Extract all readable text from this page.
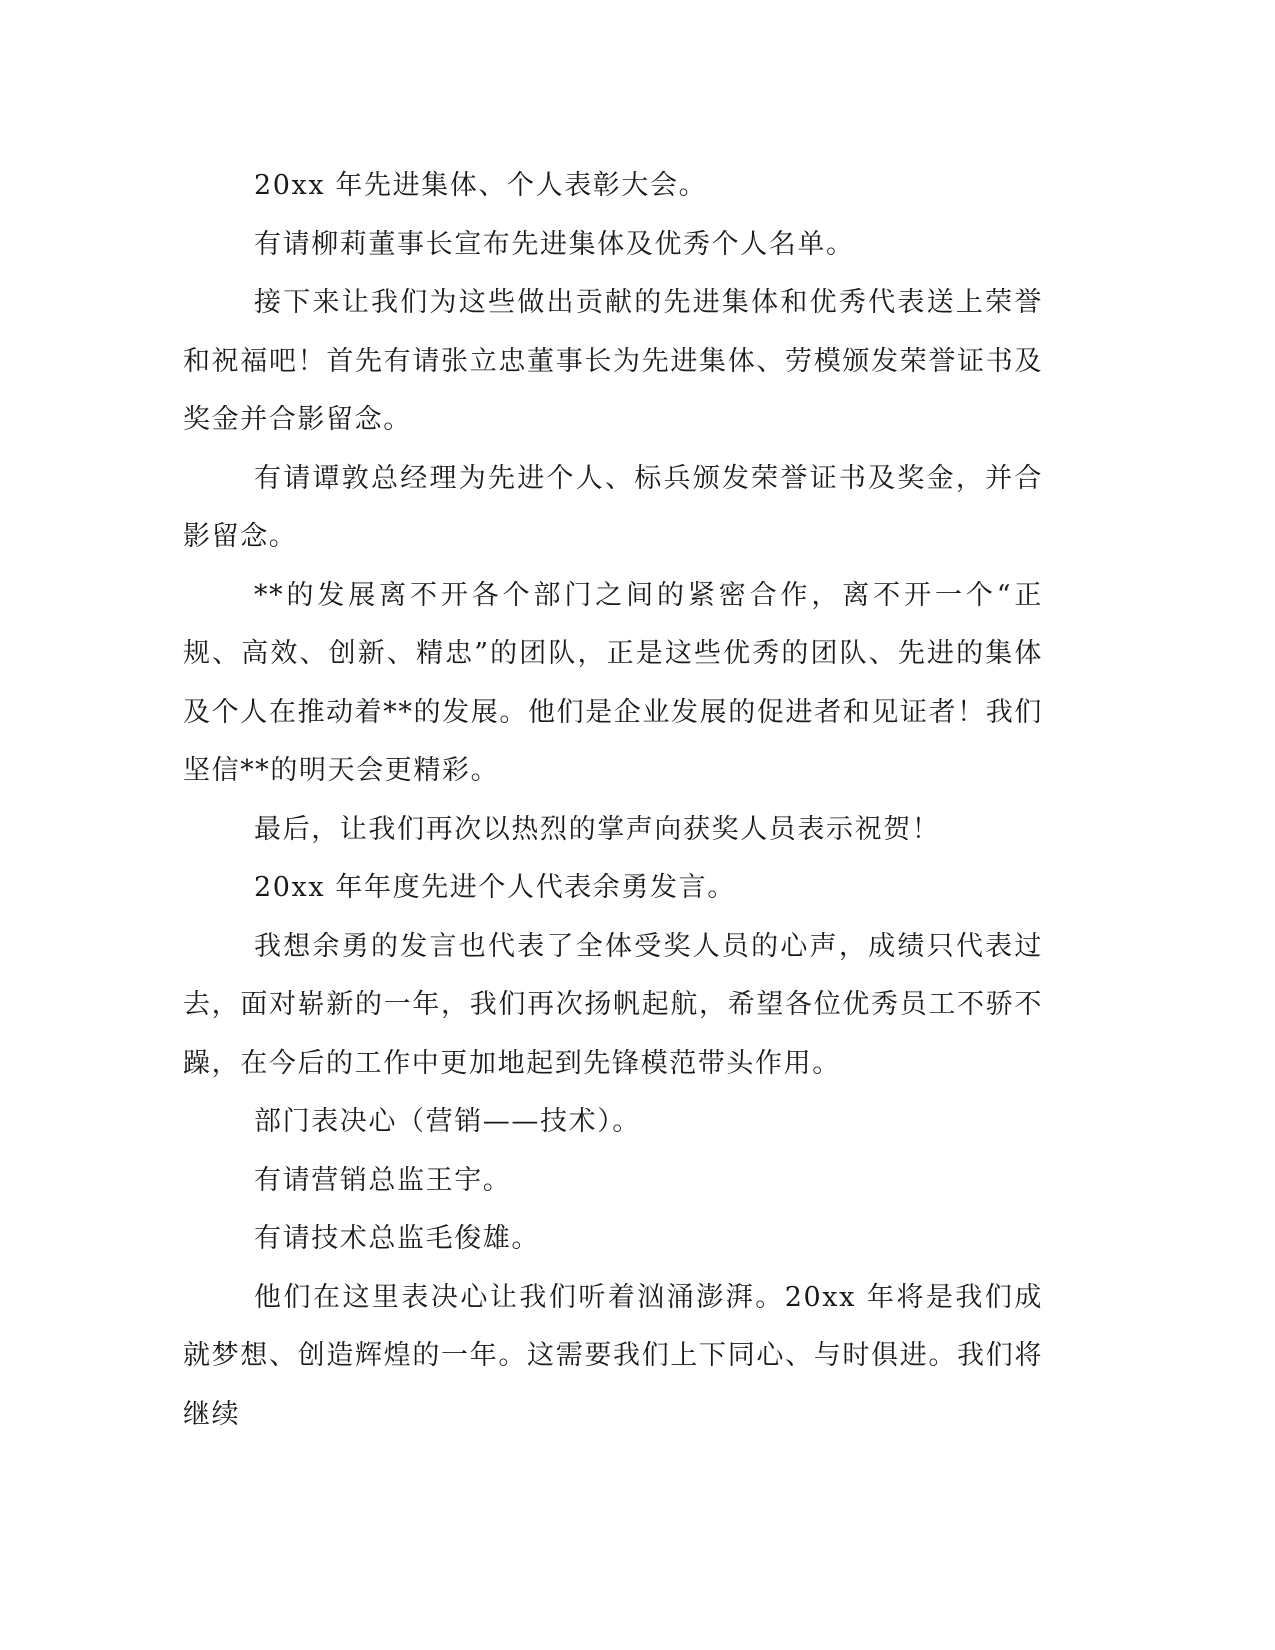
20xx 年先进集体、个人表彰大会。

有请柳莉董事长宣布先进集体及优秀个人名单。

接下来让我们为这些做出贡献的先进集体和优秀代表送上荣誉和祝福吧！首先有请张立忠董事长为先进集体、劳模颁发荣誉证书及奖金并合影留念。

有请谭敦总经理为先进个人、标兵颁发荣誉证书及奖金，并合影留念。

**的发展离不开各个部门之间的紧密合作，离不开一个“正规、高效、创新、精忠”的团队，正是这些优秀的团队、先进的集体及个人在推动着**的发展。他们是企业发展的促进者和见证者！我们坚信**的明天会更精彩。

最后，让我们再次以热烈的掌声向获奖人员表示祝贺！

20xx 年年度先进个人代表余勇发言。

我想余勇的发言也代表了全体受奖人员的心声，成绩只代表过去，面对崭新的一年，我们再次扬帆起航，希望各位优秀员工不骄不躁，在今后的工作中更加地起到先锋模范带头作用。

部门表决心（营销——技术）。

有请营销总监王宇。

有请技术总监毛俊雄。

他们在这里表决心让我们听着汹涌澎湃。20xx 年将是我们成就梦想、创造辉煌的一年。这需要我们上下同心、与时俱进。我们将继续
